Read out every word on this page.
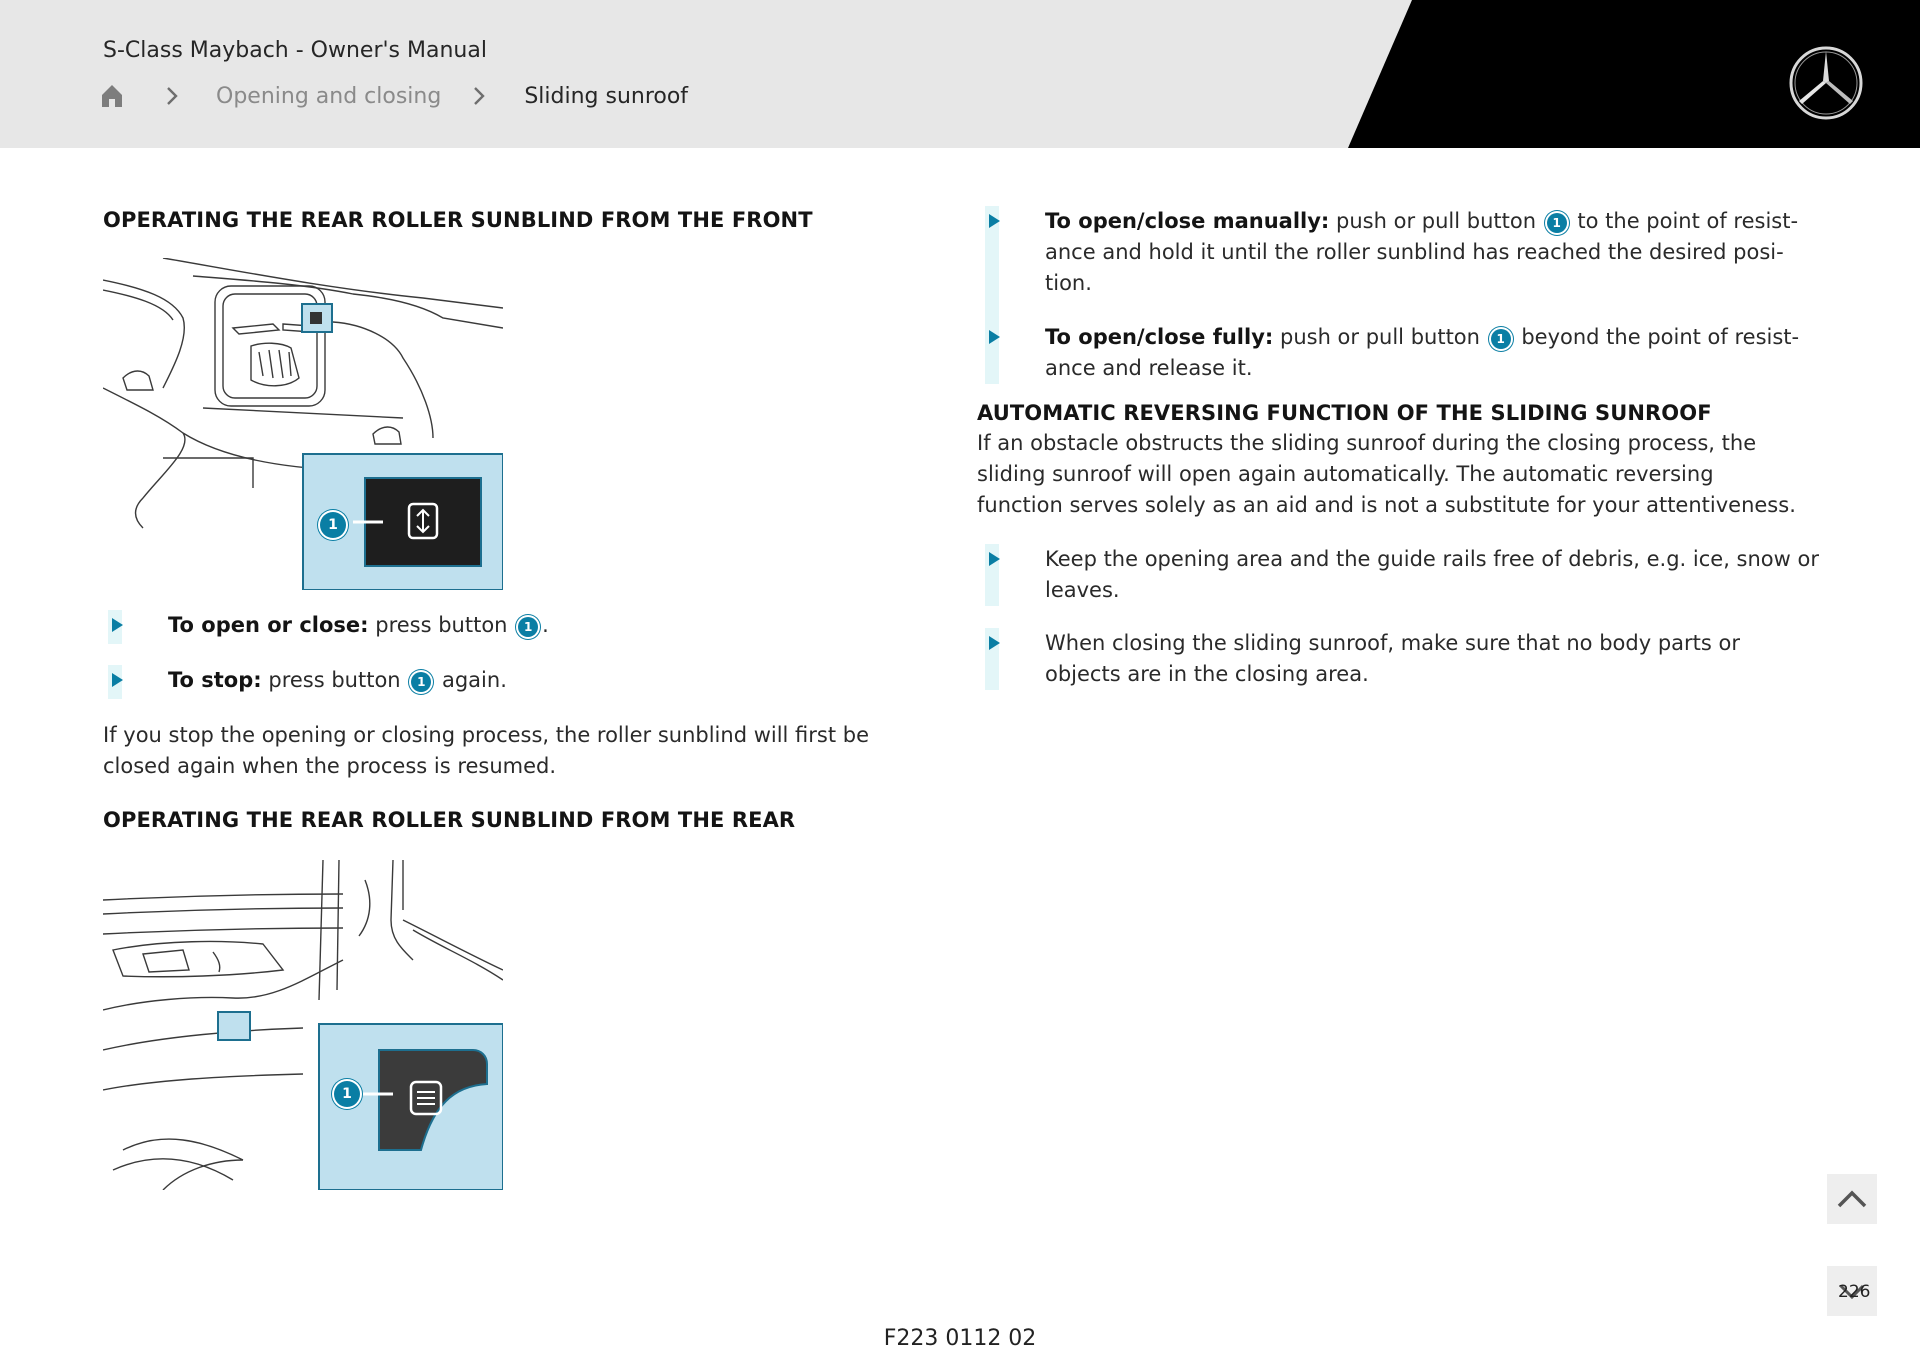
S-Class Maybach - Owner's Manual
Opening and closing	Sliding sunroof
OPERATING THE REAR ROLLER SUNBLIND FROM THE FRONT
1
To open or close: press button 1 .
To stop: press button 1 again.
If you stop the opening or closing process, the roller sunblind will first be closed again when the process is resumed.
OPERATING THE REAR ROLLER SUNBLIND FROM THE REAR
1
To open/close manually: push or pull button 1 to the point of resist-
ance and hold it until the roller sunblind has reached the desired posi-
tion.
To open/close fully: push or pull button 1 beyond the point of resist-
ance and release it.
AUTOMATIC REVERSING FUNCTION OF THE SLIDING SUNROOF
If an obstacle obstructs the sliding sunroof during the closing process, the sliding sunroof will open again automatically. The automatic reversing function serves solely as an aid and is not a substitute for your attentiveness.
Keep the opening area and the guide rails free of debris, e.g. ice, snow or
leaves.
When closing the sliding sunroof, make sure that no body parts or
objects are in the closing area.
226
F223 0112 02
